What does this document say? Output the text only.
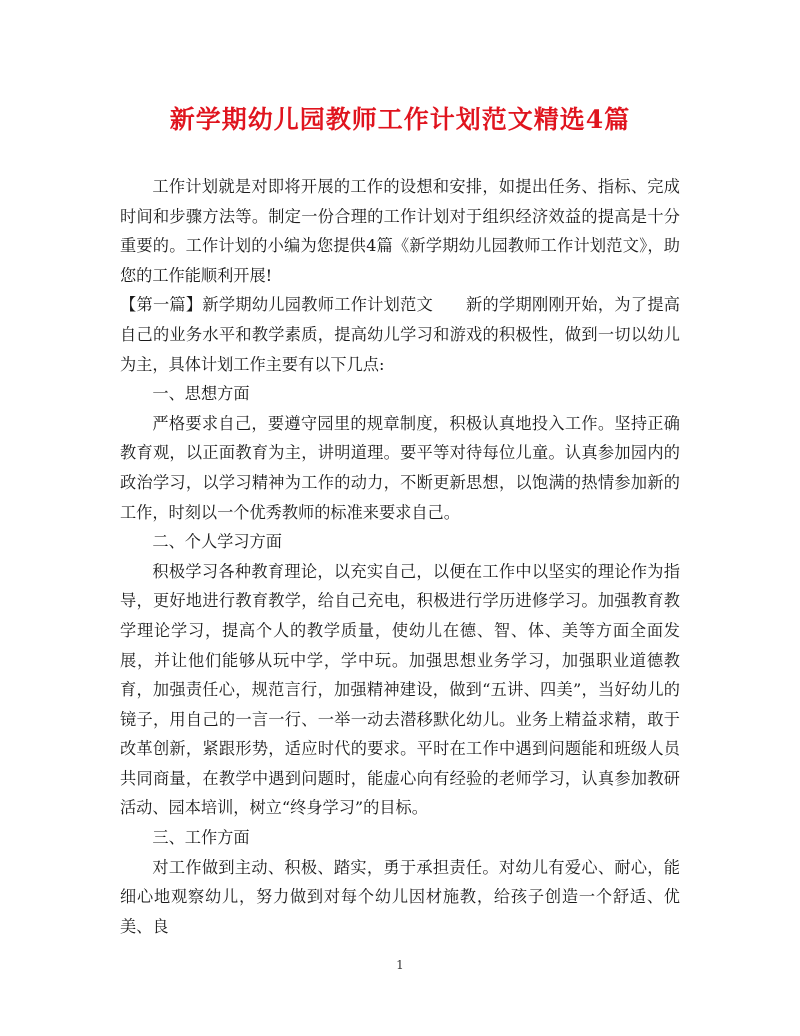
新学期幼儿园教师工作计划范文精选4篇

工作计划就是对即将开展的工作的设想和安排，如提出任务、指标、完成时间和步骤方法等。制定一份合理的工作计划对于组织经济效益的提高是十分重要的。工作计划的小编为您提供4篇《新学期幼儿园教师工作计划范文》，助您的工作能顺利开展!

【第一篇】新学期幼儿园教师工作计划范文　　新的学期刚刚开始，为了提高自己的业务水平和教学素质，提高幼儿学习和游戏的积极性，做到一切以幼儿为主，具体计划工作主要有以下几点:

一、思想方面

严格要求自己，要遵守园里的规章制度，积极认真地投入工作。坚持正确教育观，以正面教育为主，讲明道理。要平等对待每位儿童。认真参加园内的政治学习，以学习精神为工作的动力，不断更新思想，以饱满的热情参加新的工作，时刻以一个优秀教师的标准来要求自己。

二、个人学习方面

积极学习各种教育理论，以充实自己，以便在工作中以坚实的理论作为指导，更好地进行教育教学，给自己充电，积极进行学历进修学习。加强教育教学理论学习，提高个人的教学质量，使幼儿在德、智、体、美等方面全面发展，并让他们能够从玩中学，学中玩。加强思想业务学习，加强职业道德教育，加强责任心，规范言行，加强精神建设，做到“五讲、四美”，当好幼儿的镜子，用自己的一言一行、一举一动去潜移默化幼儿。业务上精益求精，敢于改革创新，紧跟形势，适应时代的要求。平时在工作中遇到问题能和班级人员共同商量，在教学中遇到问题时，能虚心向有经验的老师学习，认真参加教研活动、园本培训，树立“终身学习”的目标。

三、工作方面

对工作做到主动、积极、踏实，勇于承担责任。对幼儿有爱心、耐心，能细心地观察幼儿，努力做到对每个幼儿因材施教，给孩子创造一个舒适、优美、良

1
